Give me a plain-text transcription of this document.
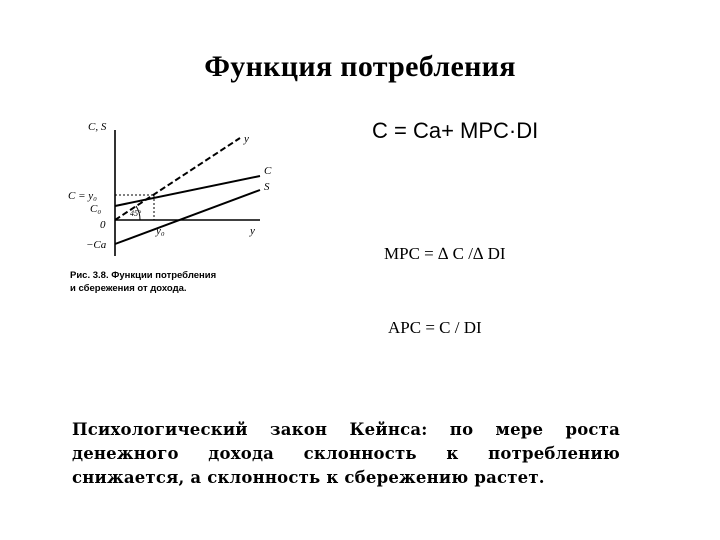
Функция потребления
C, S
y
C = y₀
C₀
0
−Ca
y₀
45°
y
C
S
Рис. 3.8. Функции потребления
и сбережения от дохода.
C = Ca+ MPC·DI
MPC = ∆ C /∆ DI
APC = C / DI
Психологический закон Кейнса: по мере роста денежного дохода склонность к потреблению снижается, а склонность к сбережению растет.
